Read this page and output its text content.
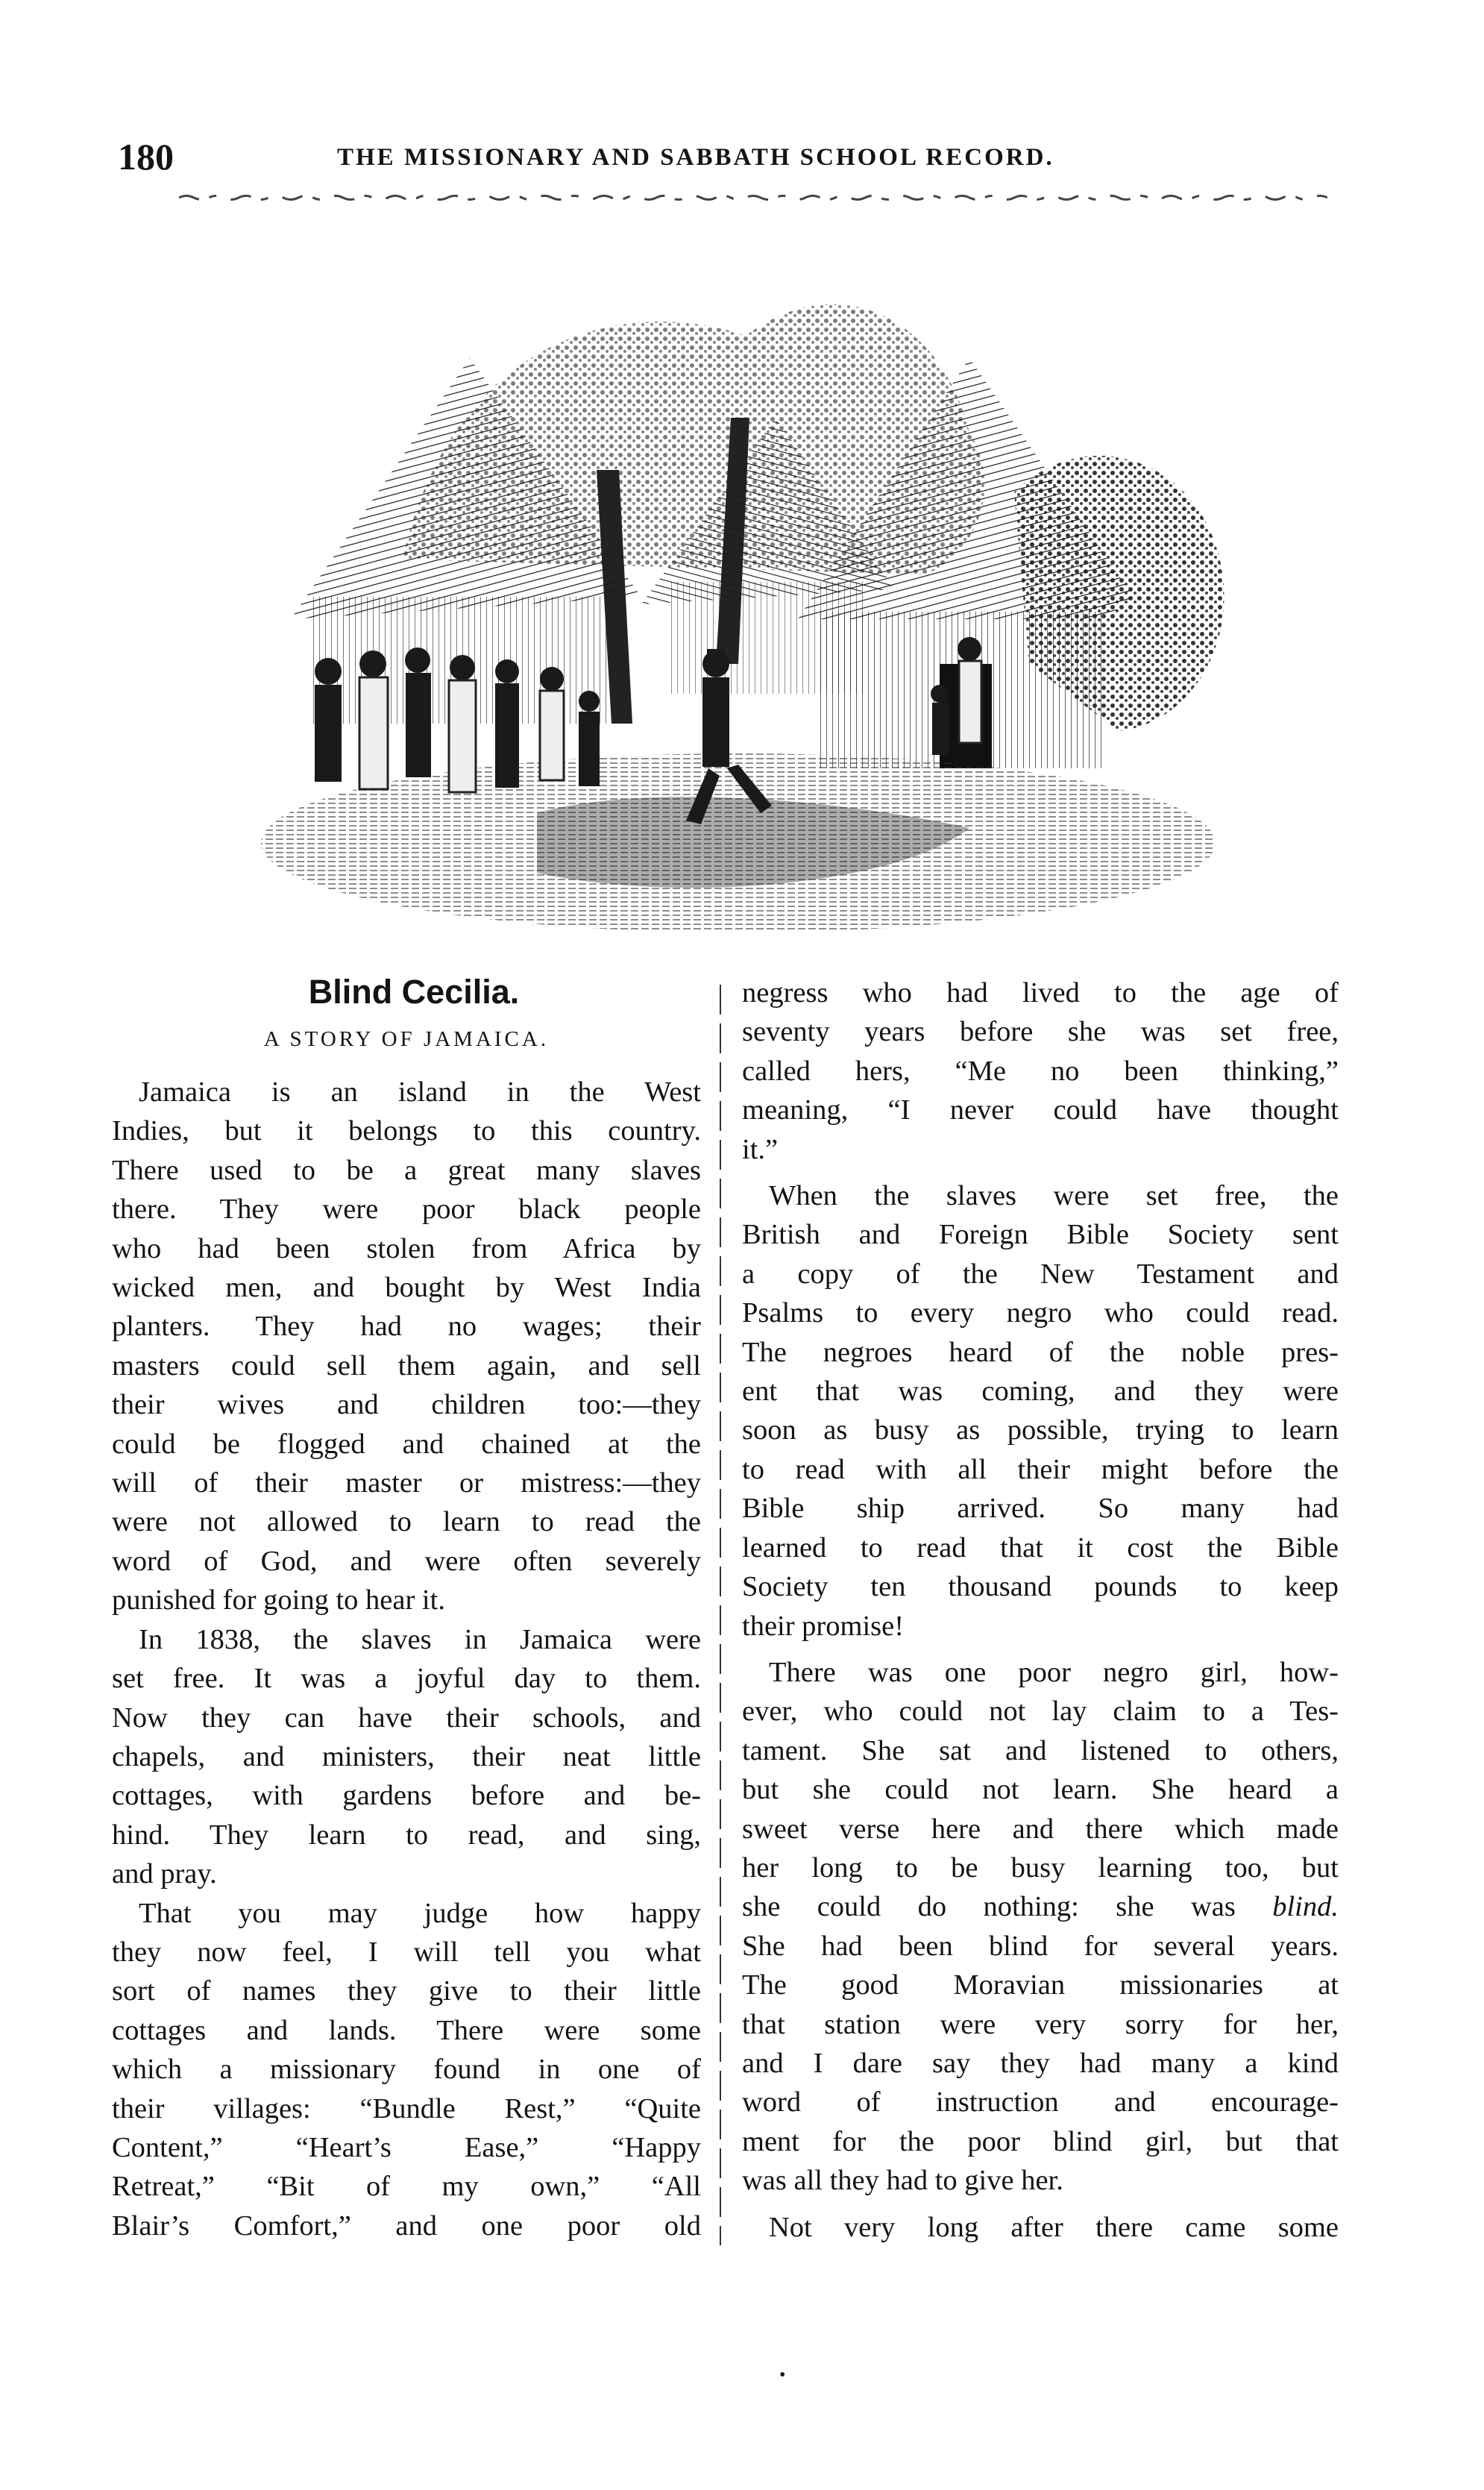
180	THE MISSIONARY AND SABBATH SCHOOL RECORD.
Blind Cecilia.
A STORY OF JAMAICA.
Jamaica is an island in the West
Indies, but it belongs to this country.
There used to be a great many slaves
there. They were poor black people
who had been stolen from Africa by
wicked men, and bought by West India
planters. They had no wages; their
masters could sell them again, and sell
their wives and children too:—they
could be flogged and chained at the
will of their master or mistress:—they
were not allowed to learn to read the
word of God, and were often severely
punished for going to hear it.
In 1838, the slaves in Jamaica were
set free. It was a joyful day to them.
Now they can have their schools, and
chapels, and ministers, their neat little
cottages, with gardens before and be-
hind. They learn to read, and sing,
and pray.
That you may judge how happy
they now feel, I will tell you what
sort of names they give to their little
cottages and lands. There were some
which a missionary found in one of
their villages: “Bundle Rest,” “Quite
Content,” “Heart’s Ease,” “Happy
Retreat,” “Bit of my own,” “All
Blair’s Comfort,” and one poor old
negress who had lived to the age of
seventy years before she was set free,
called hers, “Me no been thinking,”
meaning, “I never could have thought
it.”
When the slaves were set free, the
British and Foreign Bible Society sent
a copy of the New Testament and
Psalms to every negro who could read.
The negroes heard of the noble pres-
ent that was coming, and they were
soon as busy as possible, trying to learn
to read with all their might before the
Bible ship arrived. So many had
learned to read that it cost the Bible
Society ten thousand pounds to keep
their promise!
There was one poor negro girl, how-
ever, who could not lay claim to a Tes-
tament. She sat and listened to others,
but she could not learn. She heard a
sweet verse here and there which made
her long to be busy learning too, but
she could do nothing: she was blind.
She had been blind for several years.
The good Moravian missionaries at
that station were very sorry for her,
and I dare say they had many a kind
word of instruction and encourage-
ment for the poor blind girl, but that
was all they had to give her.
Not very long after there came some
•
